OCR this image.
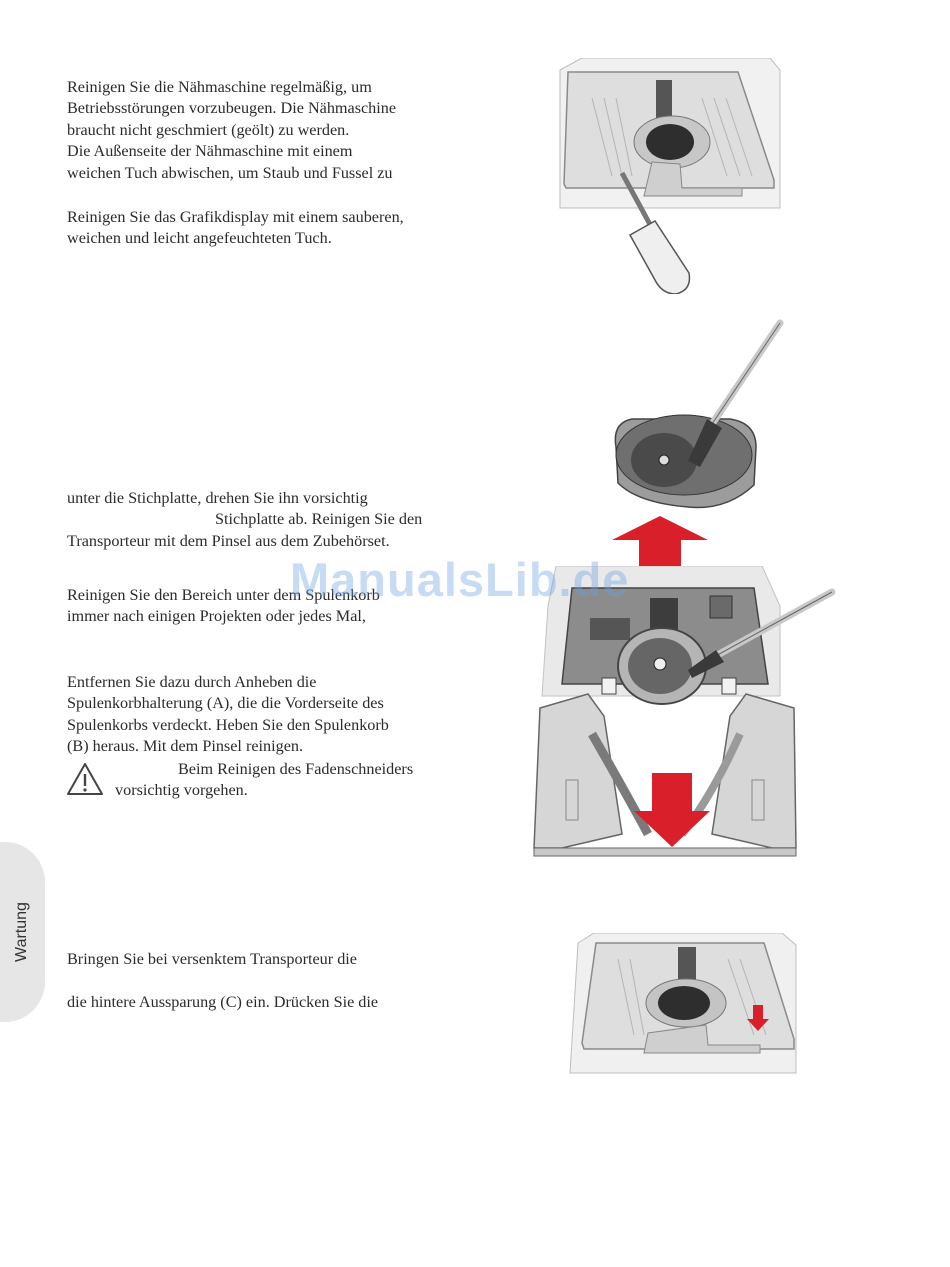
Reinigen Sie die Nähmaschine regelmäßig, um
Betriebsstörungen vorzubeugen. Die Nähmaschine
braucht nicht geschmiert (geölt) zu werden.
Die Außenseite der Nähmaschine mit einem
weichen Tuch abwischen, um Staub und Fussel zu
Reinigen Sie das Grafikdisplay mit einem sauberen,
weichen und leicht angefeuchteten Tuch.
unter die Stichplatte, drehen Sie ihn vorsichtig
Stichplatte ab. Reinigen Sie den
Transporteur mit dem Pinsel aus dem Zubehörset.
Reinigen Sie den Bereich unter dem Spulenkorb
immer nach einigen Projekten oder jedes Mal,
Entfernen Sie dazu durch Anheben die
Spulenkorbhalterung (A), die die Vorderseite des
Spulenkorbs verdeckt. Heben Sie den Spulenkorb
(B) heraus. Mit dem Pinsel reinigen.
Beim Reinigen des Fadenschneiders
vorsichtig vorgehen.
Bringen Sie bei versenktem Transporteur die
die hintere Aussparung (C) ein. Drücken Sie die
Wartung
ManualsLib.de
